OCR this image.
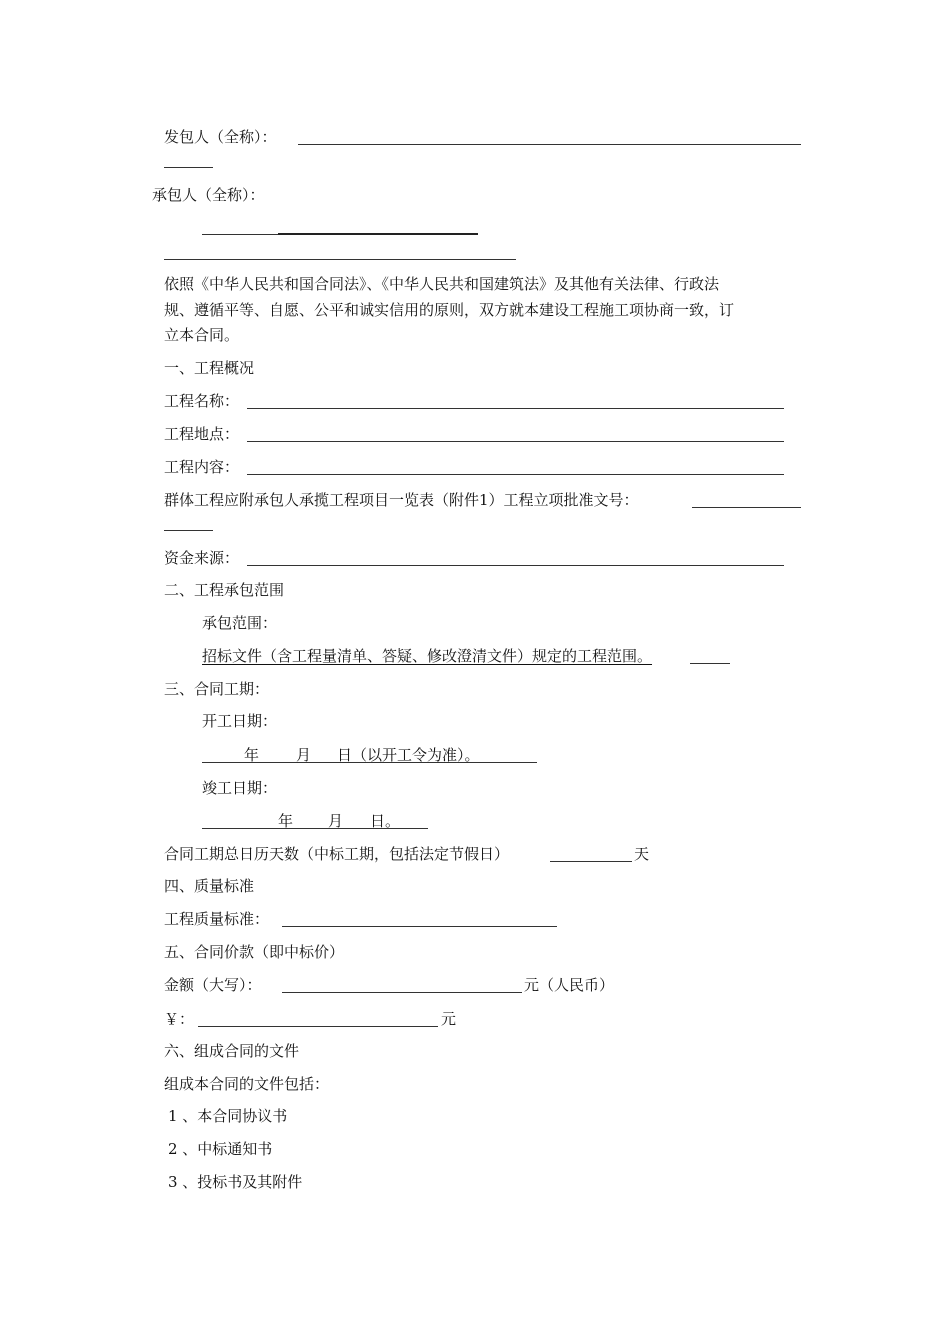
发包人（全称）：
承包人（全称）：
依照《中华人民共和国合同法》、《中华人民共和国建筑法》及其他有关法律、行政法
规、遵循平等、自愿、公平和诚实信用的原则，双方就本建设工程施工项协商一致，订
立本合同。
一、工程概况
工程名称：
工程地点：
工程内容：
群体工程应附承包人承揽工程项目一览表（附件1）工程立项批准文号：
资金来源：
二、工程承包范围
承包范围：
招标文件（含工程量清单、答疑、修改澄清文件）规定的工程范围。
三、合同工期：
开工日期：
年 月 日（以开工令为准）。
竣工日期：
年 月 日。
合同工期总日历天数（中标工期，包括法定节假日）	天
四、质量标准
工程质量标准：
五、合同价款（即中标价）
金额（大写）：	元（人民币）
￥：	元
六、组成合同的文件
组成本合同的文件包括：
1 、本合同协议书
2 、中标通知书
3 、投标书及其附件
